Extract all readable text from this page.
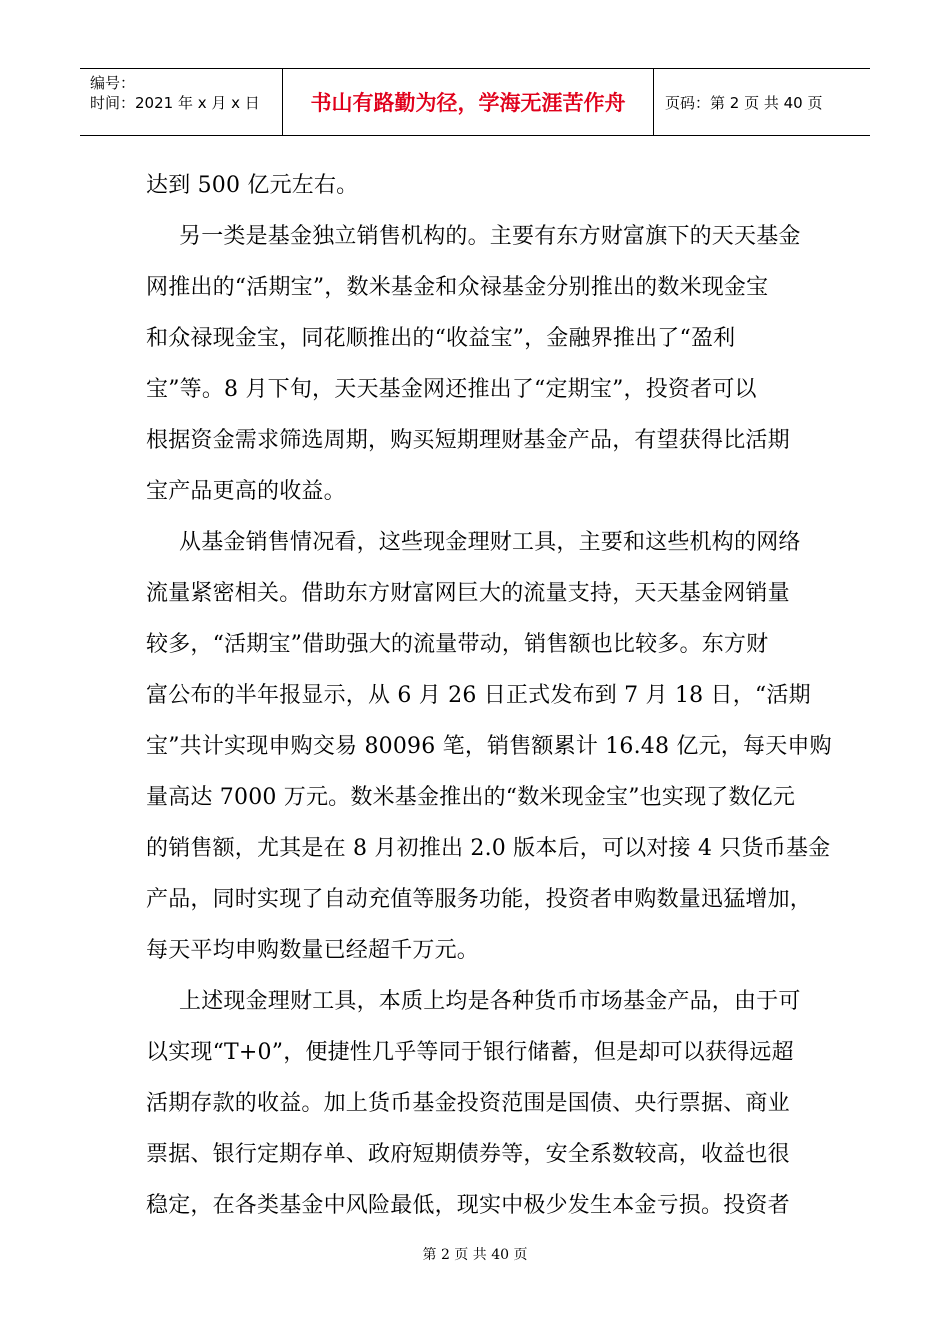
编号：
时间：2021 年 x 月 x 日	书山有路勤为径，学海无涯苦作舟	页码：第 2 页 共 40 页
达到 500 亿元左右。
另一类是基金独立销售机构的。主要有东方财富旗下的天天基金
网推出的“活期宝”，数米基金和众禄基金分别推出的数米现金宝
和众禄现金宝，同花顺推出的“收益宝”，金融界推出了“盈利
宝”等。8 月下旬，天天基金网还推出了“定期宝”，投资者可以
根据资金需求筛选周期，购买短期理财基金产品，有望获得比活期
宝产品更高的收益。
从基金销售情况看，这些现金理财工具，主要和这些机构的网络
流量紧密相关。借助东方财富网巨大的流量支持，天天基金网销量
较多，“活期宝”借助强大的流量带动，销售额也比较多。东方财
富公布的半年报显示，从 6 月 26 日正式发布到 7 月 18 日，“活期
宝”共计实现申购交易 80096 笔，销售额累计 16.48 亿元，每天申购
量高达 7000 万元。数米基金推出的“数米现金宝”也实现了数亿元
的销售额，尤其是在 8 月初推出 2.0 版本后，可以对接 4 只货币基金
产品，同时实现了自动充值等服务功能，投资者申购数量迅猛增加，
每天平均申购数量已经超千万元。
上述现金理财工具，本质上均是各种货币市场基金产品，由于可
以实现“T+0”，便捷性几乎等同于银行储蓄，但是却可以获得远超
活期存款的收益。加上货币基金投资范围是国债、央行票据、商业
票据、银行定期存单、政府短期债券等，安全系数较高，收益也很
稳定，在各类基金中风险最低，现实中极少发生本金亏损。投资者
第 2 页 共 40 页
